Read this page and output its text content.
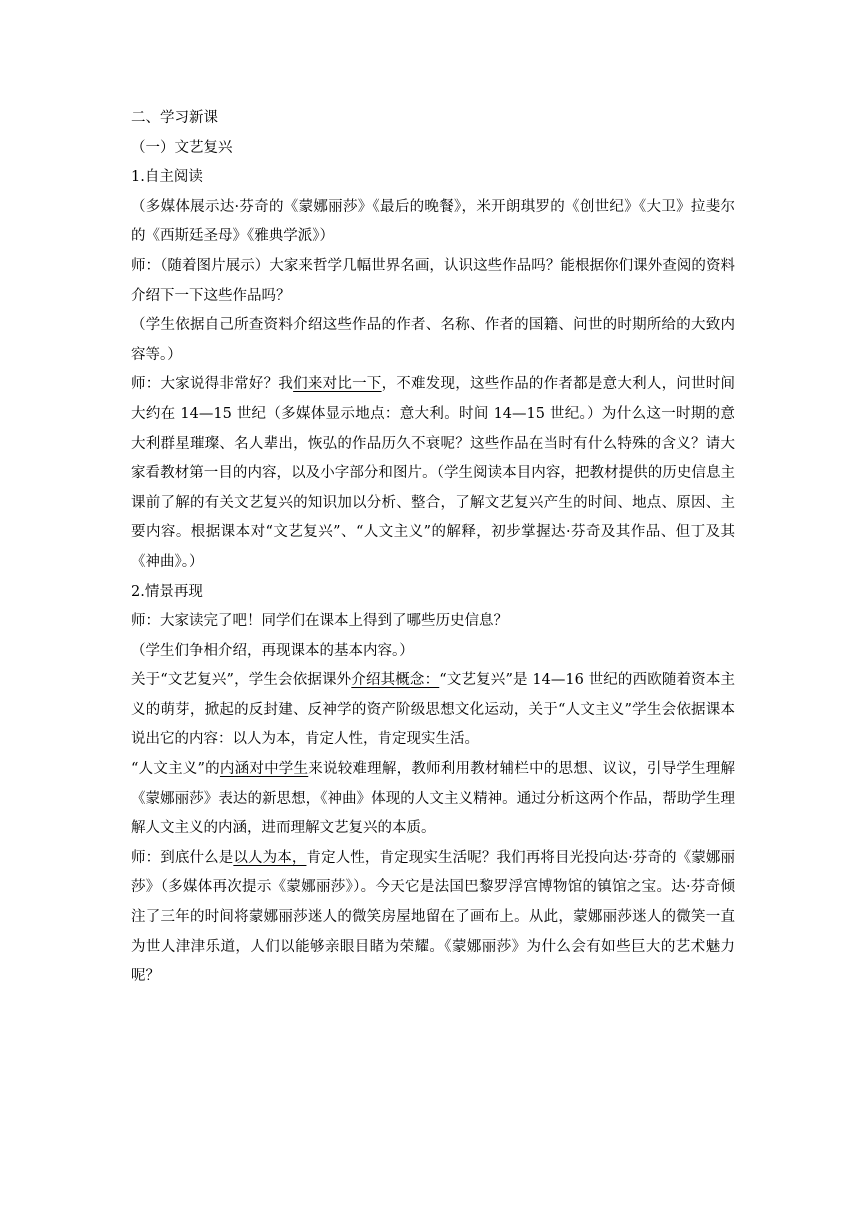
二、学习新课

（一）文艺复兴

1.自主阅读

（多媒体展示达·芬奇的《蒙娜丽莎》《最后的晚餐》，米开朗琪罗的《创世纪》《大卫》拉斐尔的《西斯廷圣母》《雅典学派》）

师：（随着图片展示）大家来哲学几幅世界名画，认识这些作品吗？能根据你们课外查阅的资料介绍下一下这些作品吗？

（学生依据自己所查资料介绍这些作品的作者、名称、作者的国籍、问世的时期所给的大致内容等。）

师：大家说得非常好？我们来对比一下，不难发现，这些作品的作者都是意大利人，问世时间大约在 14—15 世纪（多媒体显示地点：意大利。时间 14—15 世纪。）为什么这一时期的意大利群星璀璨、名人辈出，恢弘的作品历久不衰呢？这些作品在当时有什么特殊的含义？请大家看教材第一目的内容，以及小字部分和图片。（学生阅读本目内容，把教材提供的历史信息主课前了解的有关文艺复兴的知识加以分析、整合，了解文艺复兴产生的时间、地点、原因、主要内容。根据课本对“文艺复兴”、“人文主义”的解释，初步掌握达·芬奇及其作品、但丁及其《神曲》。）

2.情景再现

师：大家读完了吧！同学们在课本上得到了哪些历史信息？

（学生们争相介绍，再现课本的基本内容。）

关于“文艺复兴”，学生会依据课外介绍其概念：“文艺复兴”是 14—16 世纪的西欧随着资本主义的萌芽，掀起的反封建、反神学的资产阶级思想文化运动，关于“人文主义”学生会依据课本说出它的内容：以人为本，肯定人性，肯定现实生活。

“人文主义”的内涵对中学生来说较难理解，教师利用教材辅栏中的思想、议议，引导学生理解《蒙娜丽莎》表达的新思想，《神曲》体现的人文主义精神。通过分析这两个作品，帮助学生理解人文主义的内涵，进而理解文艺复兴的本质。

师：到底什么是以人为本，肯定人性，肯定现实生活呢？我们再将目光投向达·芬奇的《蒙娜丽莎》（多媒体再次提示《蒙娜丽莎》）。今天它是法国巴黎罗浮宫博物馆的镇馆之宝。达·芬奇倾注了三年的时间将蒙娜丽莎迷人的微笑房屋地留在了画布上。从此，蒙娜丽莎迷人的微笑一直为世人津津乐道，人们以能够亲眼目睹为荣耀。《蒙娜丽莎》为什么会有如些巨大的艺术魅力呢？
